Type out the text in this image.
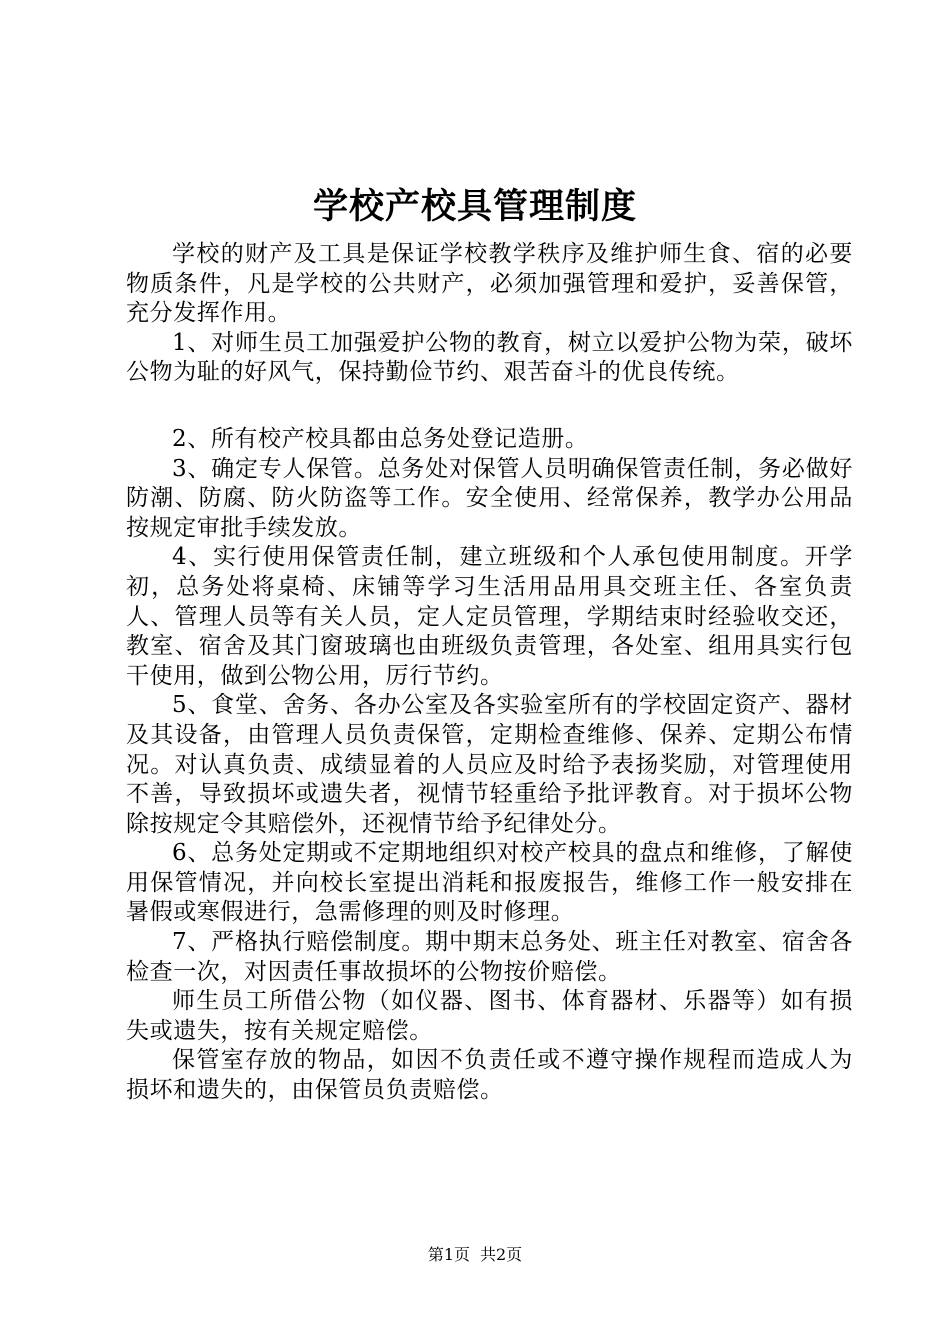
学校产校具管理制度

学校的财产及工具是保证学校教学秩序及维护师生食、宿的必要物质条件，凡是学校的公共财产，必须加强管理和爱护，妥善保管，充分发挥作用。

1、对师生员工加强爱护公物的教育，树立以爱护公物为荣，破坏公物为耻的好风气，保持勤俭节约、艰苦奋斗的优良传统。

2、所有校产校具都由总务处登记造册。

3、确定专人保管。总务处对保管人员明确保管责任制，务必做好防潮、防腐、防火防盗等工作。安全使用、经常保养，教学办公用品按规定审批手续发放。

4、实行使用保管责任制，建立班级和个人承包使用制度。开学初，总务处将桌椅、床铺等学习生活用品用具交班主任、各室负责人、管理人员等有关人员，定人定员管理，学期结束时经验收交还，教室、宿舍及其门窗玻璃也由班级负责管理，各处室、组用具实行包干使用，做到公物公用，厉行节约。

5、食堂、舍务、各办公室及各实验室所有的学校固定资产、器材及其设备，由管理人员负责保管，定期检查维修、保养、定期公布情况。对认真负责、成绩显着的人员应及时给予表扬奖励，对管理使用不善，导致损坏或遗失者，视情节轻重给予批评教育。对于损坏公物除按规定令其赔偿外，还视情节给予纪律处分。

6、总务处定期或不定期地组织对校产校具的盘点和维修，了解使用保管情况，并向校长室提出消耗和报废报告，维修工作一般安排在暑假或寒假进行，急需修理的则及时修理。

7、严格执行赔偿制度。期中期末总务处、班主任对教室、宿舍各检查一次，对因责任事故损坏的公物按价赔偿。

师生员工所借公物（如仪器、图书、体育器材、乐器等）如有损失或遗失，按有关规定赔偿。

保管室存放的物品，如因不负责任或不遵守操作规程而造成人为损坏和遗失的，由保管员负责赔偿。

第1页 共2页
